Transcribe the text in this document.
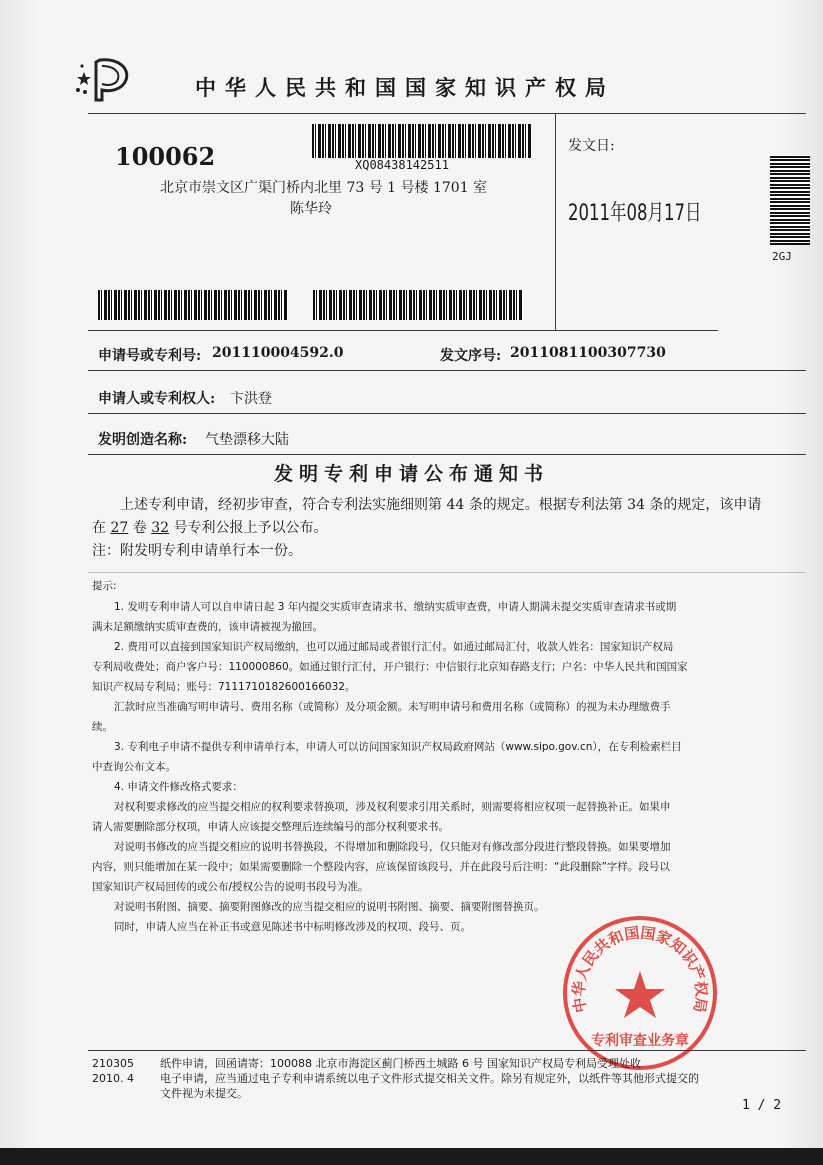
中华人民共和国国家知识产权局
100062	XQ08438142511
北京市崇文区广渠门桥内北里 73 号 1 号楼 1701 室
陈华玲
发文日:
2011年08月17日
2GJ
申请号或专利号: 201110004592.0	发文序号: 2011081100307730
申请人或专利权人: 卞洪登
发明创造名称: 气垫漂移大陆
发明专利申请公布通知书
上述专利申请，经初步审查，符合专利法实施细则第 44 条的规定。根据专利法第 34 条的规定，该申请
在 27 卷 32 号专利公报上予以公布。
注：附发明专利申请单行本一份。
提示:
1. 发明专利申请人可以自申请日起 3 年内提交实质审查请求书、缴纳实质审查费，申请人期满未提交实质审查请求书或期
满未足额缴纳实质审查费的，该申请被视为撤回。
2. 费用可以直接到国家知识产权局缴纳，也可以通过邮局或者银行汇付。如通过邮局汇付，收款人姓名：国家知识产权局
专利局收费处；商户客户号：110000860。如通过银行汇付，开户银行：中信银行北京知春路支行；户名：中华人民共和国国家
知识产权局专利局；账号：7111710182600166032。
汇款时应当准确写明申请号、费用名称（或简称）及分项金额。未写明申请号和费用名称（或简称）的视为未办理缴费手
续。
3. 专利电子申请不提供专利申请单行本，申请人可以访问国家知识产权局政府网站（www.sipo.gov.cn），在专利检索栏目
中查询公布文本。
4. 申请文件修改格式要求：
对权利要求修改的应当提交相应的权利要求替换项，涉及权利要求引用关系时，则需要将相应权项一起替换补正。如果申
请人需要删除部分权项，申请人应该提交整理后连续编号的部分权利要求书。
对说明书修改的应当提交相应的说明书替换段，不得增加和删除段号，仅只能对有修改部分段进行整段替换。如果要增加
内容，则只能增加在某一段中；如果需要删除一个整段内容，应该保留该段号，并在此段号后注明：“此段删除”字样。段号以
国家知识产权局回传的或公布/授权公告的说明书段号为准。
对说明书附图、摘要、摘要附图修改的应当提交相应的说明书附图、摘要、摘要附图替换页。
同时，申请人应当在补正书或意见陈述书中标明修改涉及的权项、段号、页。
中华人民共和国国家知识产权局
专利审查业务章
210305
2010. 4
纸件申请，回函请寄：100088 北京市海淀区蓟门桥西土城路 6 号 国家知识产权局专利局受理处收
电子申请，应当通过电子专利申请系统以电子文件形式提交相关文件。除另有规定外，以纸件等其他形式提交的
文件视为未提交。
1 / 2
